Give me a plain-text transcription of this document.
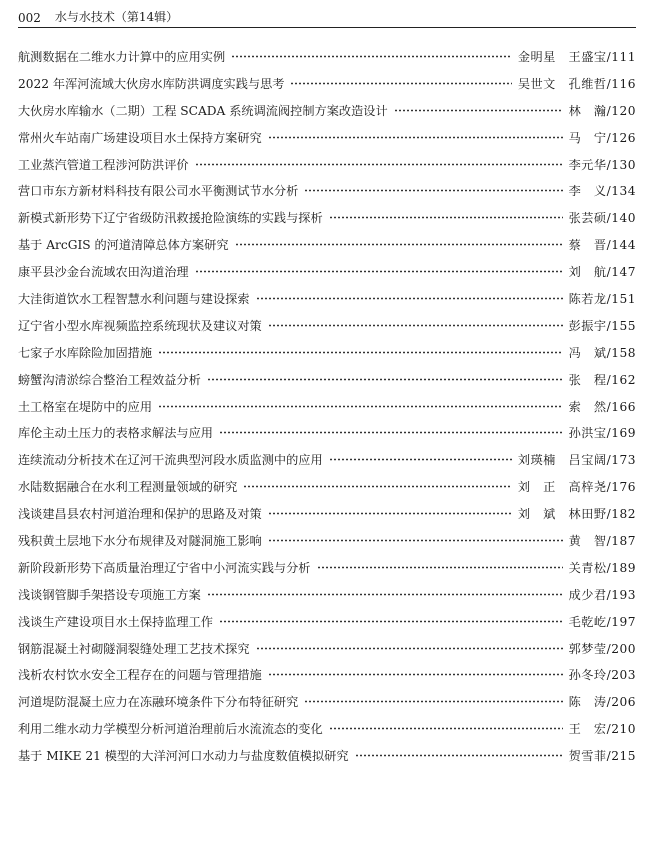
002 水与水技术（第14辑）
航测数据在二维水力计算中的应用实例	金明星　王盛宝/111
2022 年浑河流域大伙房水库防洪调度实践与思考	吴世文　孔维哲/116
大伙房水库输水（二期）工程 SCADA 系统调流阀控制方案改造设计	林　瀚/120
常州火车站南广场建设项目水土保持方案研究	马　宁/126
工业蒸汽管道工程涉河防洪评价	李元华/130
营口市东方新材料科技有限公司水平衡测试节水分析	李　义/134
新模式新形势下辽宁省级防汛救援抢险演练的实践与探析	张芸硕/140
基于 ArcGIS 的河道清障总体方案研究	蔡　晋/144
康平县沙金台流域农田沟道治理	刘　航/147
大洼街道饮水工程智慧水利问题与建设探索	陈若龙/151
辽宁省小型水库视频监控系统现状及建议对策	彭振宇/155
七家子水库除险加固措施	冯　斌/158
螃蟹沟清淤综合整治工程效益分析	张　程/162
土工格室在堤防中的应用	索　然/166
库伦主动土压力的表格求解法与应用	孙洪宝/169
连续流动分析技术在辽河干流典型河段水质监测中的应用	刘瑛楠　吕宝阔/173
水陆数据融合在水利工程测量领域的研究	刘　正　高梓尧/176
浅谈建昌县农村河道治理和保护的思路及对策	刘　斌　林田野/182
残积黄土层地下水分布规律及对隧洞施工影响	黄　智/187
新阶段新形势下高质量治理辽宁省中小河流实践与分析	关青松/189
浅谈钢管脚手架搭设专项施工方案	成少君/193
浅谈生产建设项目水土保持监理工作	毛乾屹/197
钢筋混凝土衬砌隧洞裂缝处理工艺技术探究	郭梦莹/200
浅析农村饮水安全工程存在的问题与管理措施	孙冬玲/203
河道堤防混凝土应力在冻融环境条件下分布特征研究	陈　涛/206
利用二维水动力学模型分析河道治理前后水流流态的变化	王　宏/210
基于 MIKE 21 模型的大洋河河口水动力与盐度数值模拟研究	贺雪菲/215
